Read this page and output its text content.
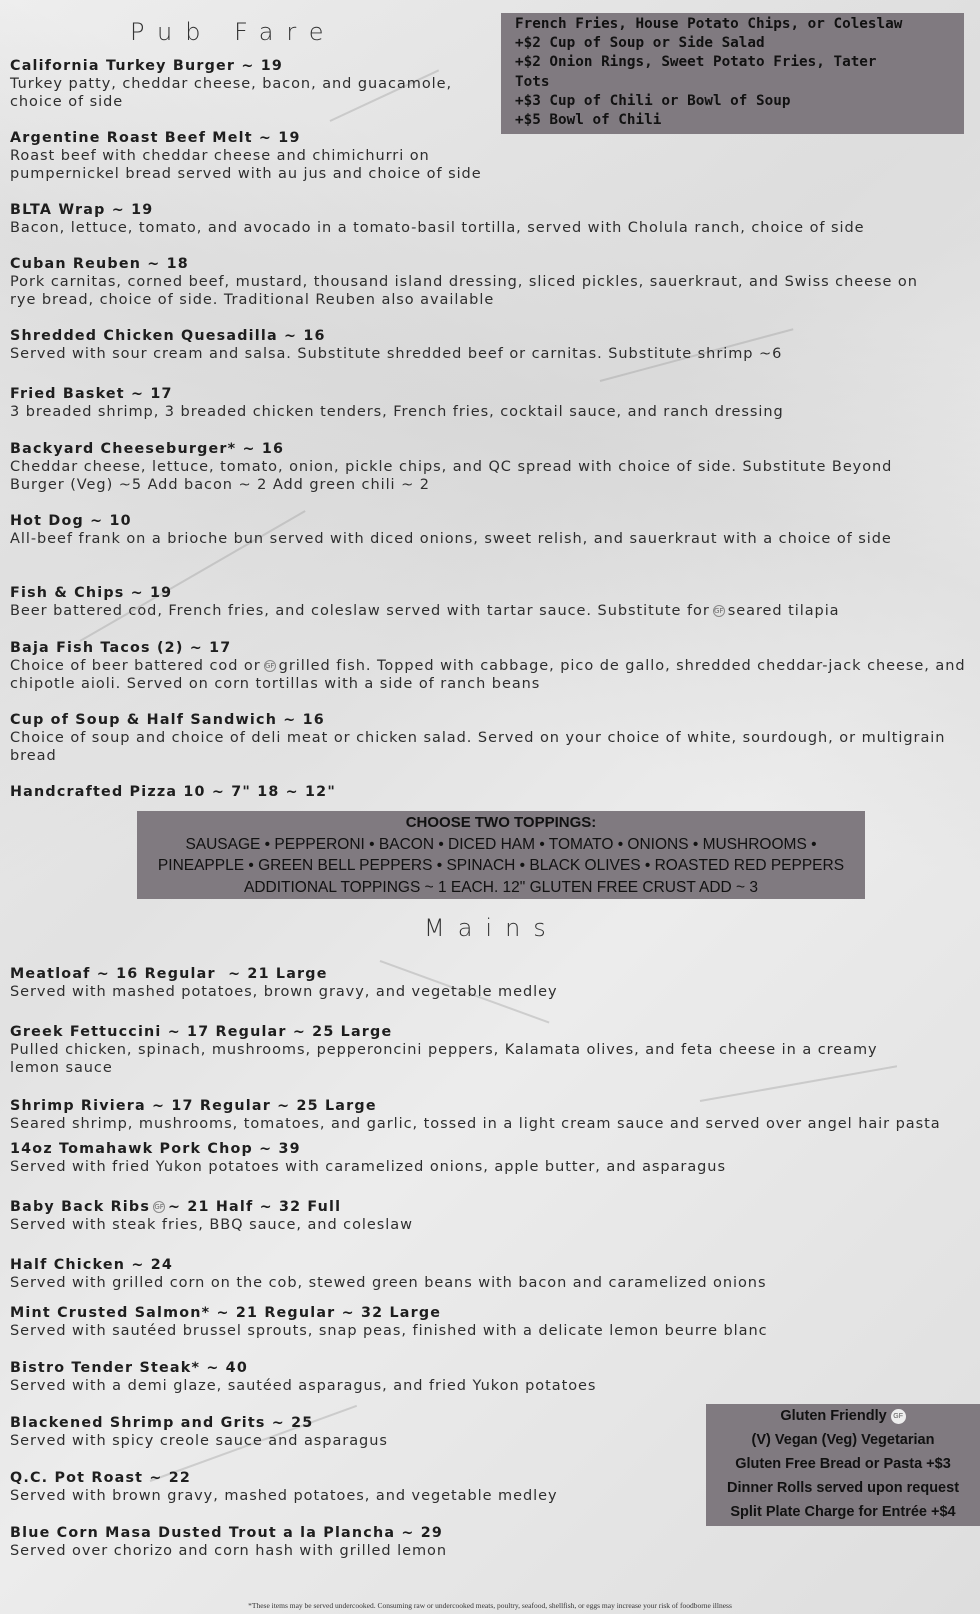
Pub Fare	French Fries, House Potato Chips, or Coleslaw
+$2 Cup of Soup or Side Salad
+$2 Onion Rings, Sweet Potato Fries, Tater
Tots
+$3 Cup of Chili or Bowl of Soup
+$5 Bowl of Chili
California Turkey Burger ~ 19
Turkey patty, cheddar cheese, bacon, and guacamole, choice of side
Argentine Roast Beef Melt ~ 19
Roast beef with cheddar cheese and chimichurri on pumpernickel bread served with au jus and choice of side
BLTA Wrap ~ 19
Bacon, lettuce, tomato, and avocado in a tomato-basil tortilla, served with Cholula ranch, choice of side
Cuban Reuben ~ 18
Pork carnitas, corned beef, mustard, thousand island dressing, sliced pickles, sauerkraut, and Swiss cheese on rye bread, choice of side. Traditional Reuben also available
Shredded Chicken Quesadilla ~ 16
Served with sour cream and salsa. Substitute shredded beef or carnitas. Substitute shrimp ~6
Fried Basket ~ 17
3 breaded shrimp, 3 breaded chicken tenders, French fries, cocktail sauce, and ranch dressing
Backyard Cheeseburger* ~ 16
Cheddar cheese, lettuce, tomato, onion, pickle chips, and QC spread with choice of side. Substitute Beyond Burger (Veg) ~5 Add bacon ~ 2 Add green chili ~ 2
Hot Dog ~ 10
All-beef frank on a brioche bun served with diced onions, sweet relish, and sauerkraut with a choice of side
Fish & Chips ~ 19
Beer battered cod, French fries, and coleslaw served with tartar sauce. Substitute for GF seared tilapia
Baja Fish Tacos (2) ~ 17
Choice of beer battered cod or GF grilled fish. Topped with cabbage, pico de gallo, shredded cheddar-jack cheese, and chipotle aioli. Served on corn tortillas with a side of ranch beans
Cup of Soup & Half Sandwich ~ 16
Choice of soup and choice of deli meat or chicken salad. Served on your choice of white, sourdough, or multigrain bread
Handcrafted Pizza 10 ~ 7" 18 ~ 12"
CHOOSE TWO TOPPINGS:
SAUSAGE • PEPPERONI • BACON • DICED HAM • TOMATO • ONIONS • MUSHROOMS •
PINEAPPLE • GREEN BELL PEPPERS • SPINACH • BLACK OLIVES • ROASTED RED PEPPERS
ADDITIONAL TOPPINGS ~ 1 EACH. 12" GLUTEN FREE CRUST ADD ~ 3
Mains
Meatloaf ~ 16 Regular  ~ 21 Large
Served with mashed potatoes, brown gravy, and vegetable medley
Greek Fettuccini ~ 17 Regular ~ 25 Large
Pulled chicken, spinach, mushrooms, pepperoncini peppers, Kalamata olives, and feta cheese in a creamy lemon sauce
Shrimp Riviera ~ 17 Regular ~ 25 Large
Seared shrimp, mushrooms, tomatoes, and garlic, tossed in a light cream sauce and served over angel hair pasta
14oz Tomahawk Pork Chop ~ 39
Served with fried Yukon potatoes with caramelized onions, apple butter, and asparagus
Baby Back Ribs GF ~ 21 Half ~ 32 Full
Served with steak fries, BBQ sauce, and coleslaw
Half Chicken ~ 24
Served with grilled corn on the cob, stewed green beans with bacon and caramelized onions
Mint Crusted Salmon* ~ 21 Regular ~ 32 Large
Served with sautéed brussel sprouts, snap peas, finished with a delicate lemon beurre blanc
Bistro Tender Steak* ~ 40
Served with a demi glaze, sautéed asparagus, and fried Yukon potatoes
Blackened Shrimp and Grits ~ 25
Served with spicy creole sauce and asparagus
Q.C. Pot Roast ~ 22
Served with brown gravy, mashed potatoes, and vegetable medley
Blue Corn Masa Dusted Trout a la Plancha ~ 29
Served over chorizo and corn hash with grilled lemon
Gluten Friendly GF
(V) Vegan (Veg) Vegetarian
Gluten Free Bread or Pasta +$3
Dinner Rolls served upon request
Split Plate Charge for Entrée +$4
*These items may be served undercooked. Consuming raw or undercooked meats, poultry, seafood, shellfish, or eggs may increase your risk of foodborne illness
